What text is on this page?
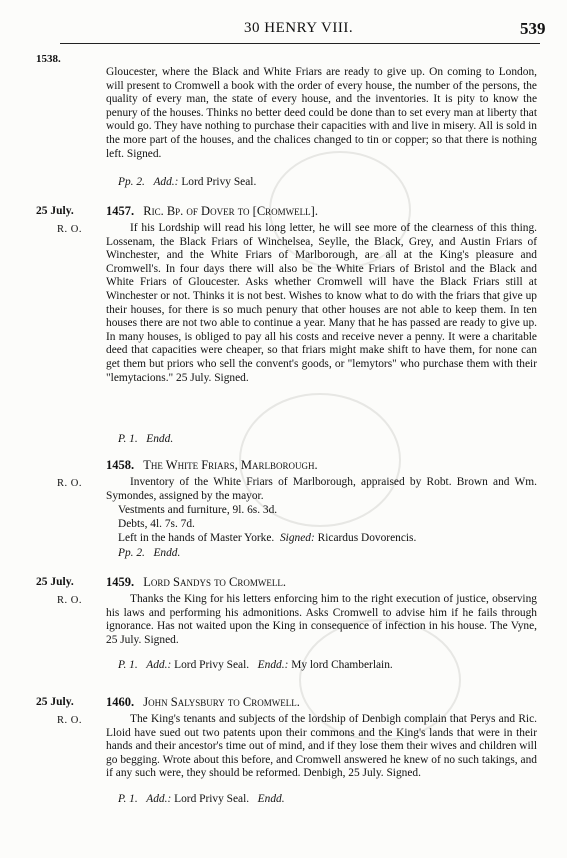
30 HENRY VIII.	539
1538.

Gloucester, where the Black and White Friars are ready to give up. On coming to London, will present to Cromwell a book with the order of every house, the number of the persons, the quality of every man, the state of every house, and the inventories. It is pity to know the penury of the houses. Thinks no better deed could be done than to set every man at liberty that would go. They have nothing to purchase their capacities with and live in misery. All is sold in the more part of the houses, and the chalices changed to tin or copper; so that there is nothing left. Signed.

Pp. 2. Add.: Lord Privy Seal.
25 July.
R. O.
1457. Ric. Bp. of Dover to [Cromwell].

If his Lordship will read his long letter, he will see more of the clearness of this thing. Lossenam, the Black Friars of Winchelsea, Seylle, the Black, Grey, and Austin Friars of Winchester, and the White Friars of Marlborough, are all at the King's pleasure and Cromwell's. In four days there will also be the White Friars of Bristol and the Black and White Friars of Gloucester. Asks whether Cromwell will have the Black Friars still at Winchester or not. Thinks it is not best. Wishes to know what to do with the friars that give up their houses, for there is so much penury that other houses are not able to keep them. In ten houses there are not two able to continue a year. Many that he has passed are ready to give up. In many houses, is obliged to pay all his costs and receive never a penny. It were a charitable deed that capacities were cheaper, so that friars might make shift to have them, for none can get them but priors who sell the convent's goods, or "lemytors" who purchase them with their "lemytacions." 25 July. Signed.

P. 1. Endd.
R. O.
1458. The White Friars, Marlborough.

Inventory of the White Friars of Marlborough, appraised by Robt. Brown and Wm. Symondes, assigned by the mayor.

Vestments and furniture, 9l. 6s. 3d.
Debts, 4l. 7s. 7d.
Left in the hands of Master Yorke. Signed: Ricardus Dovorencis.
Pp. 2. Endd.
25 July.
R. O.
1459. Lord Sandys to Cromwell.

Thanks the King for his letters enforcing him to the right execution of justice, observing his laws and performing his admonitions. Asks Cromwell to advise him if he fails through ignorance. Has not waited upon the King in consequence of infection in his house. The Vyne, 25 July. Signed.

P. 1. Add.: Lord Privy Seal. Endd.: My lord Chamberlain.
25 July.
R. O.
1460. John Salysbury to Cromwell.

The King's tenants and subjects of the lordship of Denbigh complain that Perys and Ric. Lloid have sued out two patents upon their commons and the King's lands that were in their hands and their ancestor's time out of mind, and if they lose them their wives and children will go begging. Wrote about this before, and Cromwell answered he knew of no such takings, and if any such were, they should be reformed. Denbigh, 25 July. Signed.

P. 1. Add.: Lord Privy Seal. Endd.
